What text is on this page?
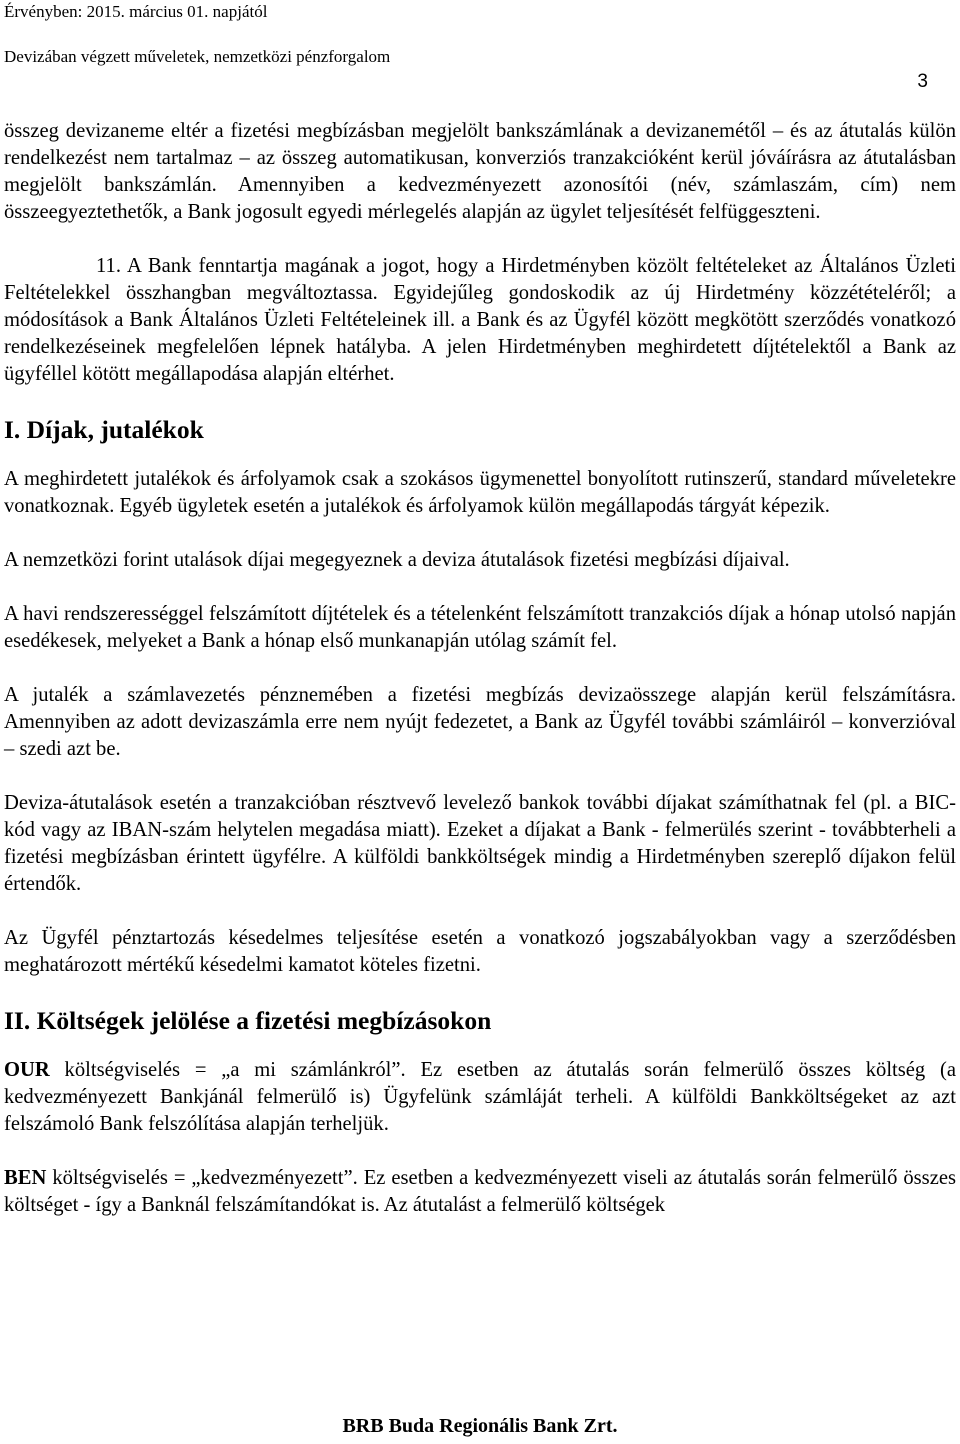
Érvényben: 2015. március 01. napjától
Devizában végzett műveletek, nemzetközi pénzforgalom
3

összeg devizaneme eltér a fizetési megbízásban megjelölt bankszámlának a devizanemétől – és az átutalás külön rendelkezést nem tartalmaz – az összeg automatikusan, konverziós tranzakcióként kerül jóváírásra az átutalásban megjelölt bankszámlán. Amennyiben a kedvezményezett azonosítói (név, számlaszám, cím) nem összeegyeztethetők, a Bank jogosult egyedi mérlegelés alapján az ügylet teljesítését felfüggeszteni.

11. A Bank fenntartja magának a jogot, hogy a Hirdetményben közölt feltételeket az Általános Üzleti Feltételekkel összhangban megváltoztassa. Egyidejűleg gondoskodik az új Hirdetmény közzétételéről; a módosítások a Bank Általános Üzleti Feltételeinek ill. a Bank és az Ügyfél között megkötött szerződés vonatkozó rendelkezéseinek megfelelően lépnek hatályba. A jelen Hirdetményben meghirdetett díjtételektől a Bank az ügyféllel kötött megállapodása alapján eltérhet.

I. Díjak, jutalékok

A meghirdetett jutalékok és árfolyamok csak a szokásos ügymenettel bonyolított rutinszerű, standard műveletekre vonatkoznak. Egyéb ügyletek esetén a jutalékok és árfolyamok külön megállapodás tárgyát képezik.

A nemzetközi forint utalások díjai megegyeznek a deviza átutalások fizetési megbízási díjaival.

A havi rendszerességgel felszámított díjtételek és a tételenként felszámított tranzakciós díjak a hónap utolsó napján esedékesek, melyeket a Bank a hónap első munkanapján utólag számít fel.

A jutalék a számlavezetés pénznemében a fizetési megbízás devizaösszege alapján kerül felszámításra. Amennyiben az adott devizaszámla erre nem nyújt fedezetet, a Bank az Ügyfél további számláiról – konverzióval – szedi azt be.

Deviza-átutalások esetén a tranzakcióban résztvevő levelező bankok további díjakat számíthatnak fel (pl. a BIC-kód vagy az IBAN-szám helytelen megadása miatt). Ezeket a díjakat a Bank - felmerülés szerint - továbbterheli a fizetési megbízásban érintett ügyfélre. A külföldi bankköltségek mindig a Hirdetményben szereplő díjakon felül értendők.

Az Ügyfél pénztartozás késedelmes teljesítése esetén a vonatkozó jogszabályokban vagy a szerződésben meghatározott mértékű késedelmi kamatot köteles fizetni.

II. Költségek jelölése a fizetési megbízásokon

OUR költségviselés = „a mi számlánkról”. Ez esetben az átutalás során felmerülő összes költség (a kedvezményezett Bankjánál felmerülő is) Ügyfelünk számláját terheli. A külföldi Bankköltségeket az azt felszámoló Bank felszólítása alapján terheljük.

BEN költségviselés = „kedvezményezett”. Ez esetben a kedvezményezett viseli az átutalás során felmerülő összes költséget - így a Banknál felszámítandókat is. Az átutalást a felmerülő költségek

BRB Buda Regionális Bank Zrt.
